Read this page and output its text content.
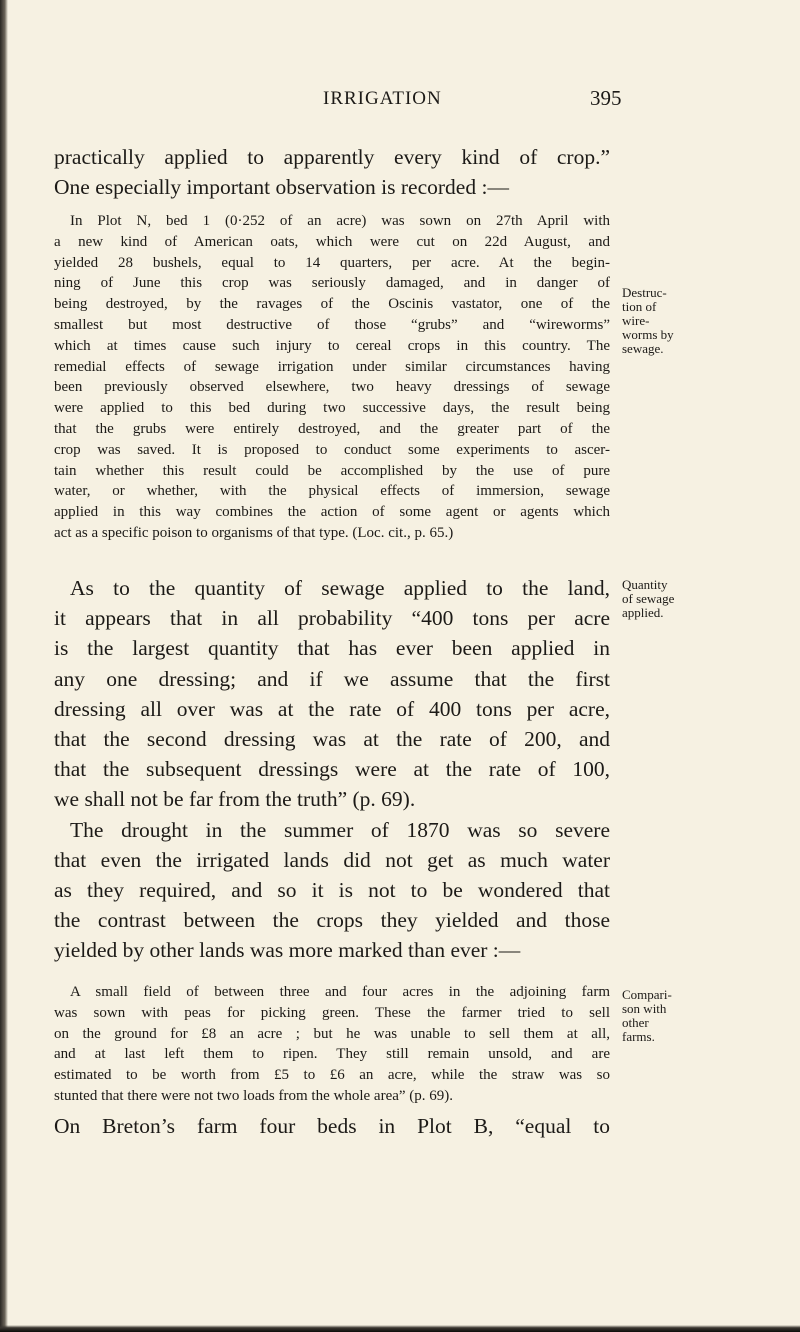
IRRIGATION	395
practically applied to apparently every kind of crop.”
One especially important observation is recorded :—
In Plot N, bed 1 (0·252 of an acre) was sown on 27th April with
a new kind of American oats, which were cut on 22d August, and
yielded 28 bushels, equal to 14 quarters, per acre. At the begin-
ning of June this crop was seriously damaged, and in danger of
being destroyed, by the ravages of the Oscinis vastator, one of the
smallest but most destructive of those “grubs” and “wireworms”
which at times cause such injury to cereal crops in this country. The
remedial effects of sewage irrigation under similar circumstances having
been previously observed elsewhere, two heavy dressings of sewage
were applied to this bed during two successive days, the result being
that the grubs were entirely destroyed, and the greater part of the
crop was saved. It is proposed to conduct some experiments to ascer-
tain whether this result could be accomplished by the use of pure
water, or whether, with the physical effects of immersion, sewage
applied in this way combines the action of some agent or agents which
act as a specific poison to organisms of that type. (Loc. cit., p. 65.)
Destruc-
tion of
wire-
worms by
sewage.
As to the quantity of sewage applied to the land,
it appears that in all probability “400 tons per acre
is the largest quantity that has ever been applied in
any one dressing; and if we assume that the first
dressing all over was at the rate of 400 tons per acre,
that the second dressing was at the rate of 200, and
that the subsequent dressings were at the rate of 100,
we shall not be far from the truth” (p. 69).
The drought in the summer of 1870 was so severe
that even the irrigated lands did not get as much water
as they required, and so it is not to be wondered that
the contrast between the crops they yielded and those
yielded by other lands was more marked than ever :—
Quantity
of sewage
applied.
A small field of between three and four acres in the adjoining farm
was sown with peas for picking green. These the farmer tried to sell
on the ground for £8 an acre ; but he was unable to sell them at all,
and at last left them to ripen. They still remain unsold, and are
estimated to be worth from £5 to £6 an acre, while the straw was so
stunted that there were not two loads from the whole area” (p. 69).
Compari-
son with
other
farms.
On Breton’s farm four beds in Plot B, “equal to
